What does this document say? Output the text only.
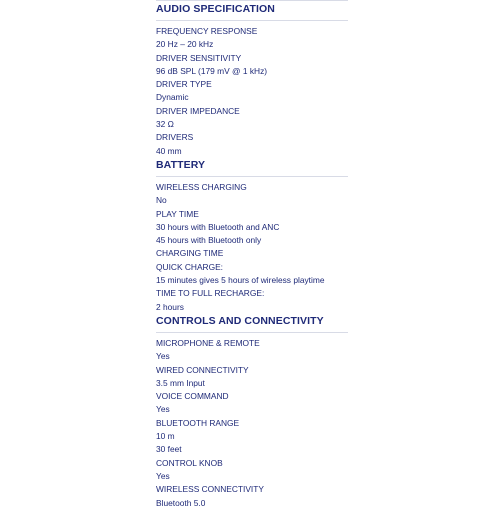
AUDIO SPECIFICATION
FREQUENCY RESPONSE
20 Hz – 20 kHz
DRIVER SENSITIVITY
96 dB SPL (179 mV @ 1 kHz)
DRIVER TYPE
Dynamic
DRIVER IMPEDANCE
32 Ω
DRIVERS
40 mm
BATTERY
WIRELESS CHARGING
No
PLAY TIME
30 hours with Bluetooth and ANC
45 hours with Bluetooth only
CHARGING TIME
QUICK CHARGE:
15 minutes gives 5 hours of wireless playtime
TIME TO FULL RECHARGE:
2 hours
CONTROLS AND CONNECTIVITY
MICROPHONE & REMOTE
Yes
WIRED CONNECTIVITY
3.5 mm Input
VOICE COMMAND
Yes
BLUETOOTH RANGE
10 m
30 feet
CONTROL KNOB
Yes
WIRELESS CONNECTIVITY
Bluetooth 5.0
